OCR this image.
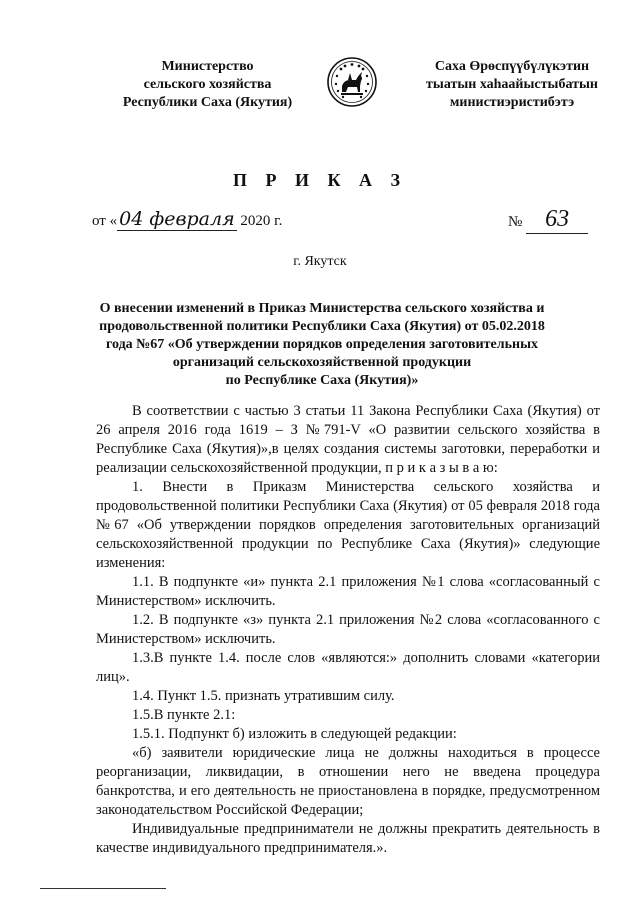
Министерство
сельского хозяйства
Республики Саха (Якутия)
Саха Өрөспүүбүлүкэтин
тыатын хаһаайыстыбатын
министиэристибэтэ
П Р И К А З
от « 04 февраля 2020 г.	№ 63
г. Якутск
О внесении изменений в Приказ Министерства сельского хозяйства и
продовольственной политики Республики Саха (Якутия) от 05.02.2018
года №67 «Об утверждении порядков определения заготовительных
организаций сельскохозяйственной продукции
по Республике Саха (Якутия)»

В соответствии с частью 3 статьи 11 Закона Республики Саха (Якутия) от 26 апреля 2016 года 1619 – З №791-V «О развитии сельского хозяйства в Республике Саха (Якутия)»,в целях создания системы заготовки, переработки и реализации сельскохозяйственной продукции, п р и к а з ы в а ю:

1. Внести в Приказм Министерства сельского хозяйства и продовольственной политики Республики Саха (Якутия) от 05 февраля 2018 года №67 «Об утверждении порядков определения заготовительных организаций сельскохозяйственной продукции по Республике Саха (Якутия)» следующие изменения:

1.1. В подпункте «и» пункта 2.1 приложения №1 слова «согласованный с Министерством» исключить.

1.2. В подпункте «з» пункта 2.1 приложения №2 слова «согласованного с Министерством» исключить.

1.3.В пункте 1.4. после слов «являются:» дополнить словами «категории лиц».

1.4. Пункт 1.5. признать утратившим силу.

1.5.В пункте 2.1:

1.5.1. Подпункт б) изложить в следующей редакции:

«б) заявители юридические лица не должны находиться в процессе реорганизации, ликвидации, в отношении него не введена процедура банкротства, и его деятельность не приостановлена в порядке, предусмотренном законодательством Российской Федерации;

Индивидуальные предприниматели не должны прекратить деятельность в качестве индивидуального предпринимателя.».
